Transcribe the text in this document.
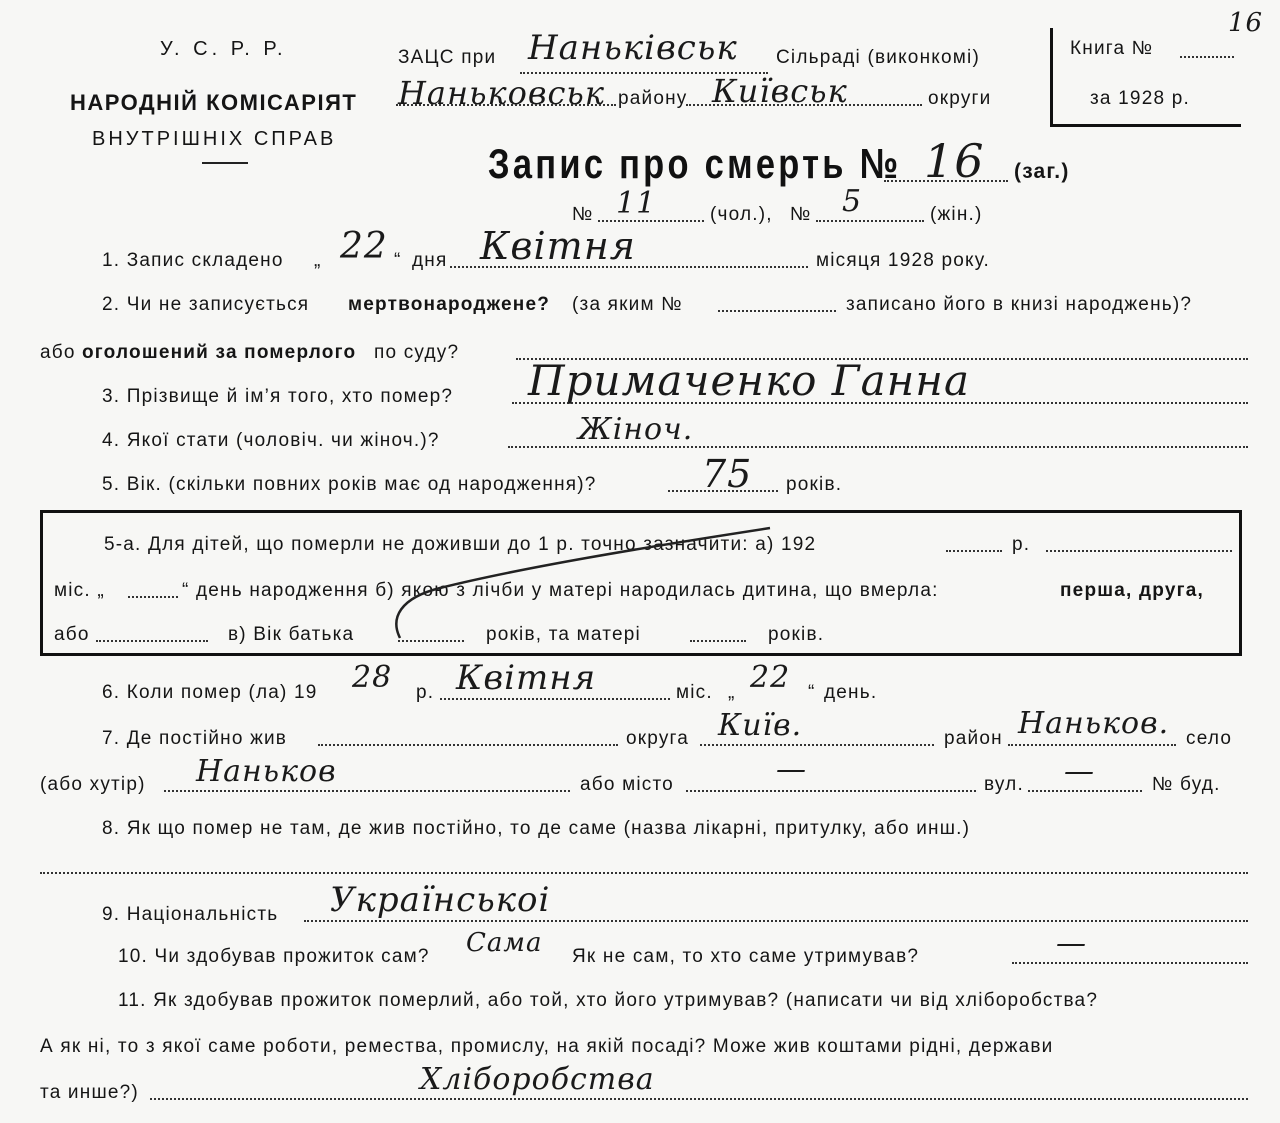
16
У. С. Р. Р.
НАРОДНІЙ КОМІСАРІЯТ
ВНУТРІШНІХ СПРАВ
ЗАЦС при Наньківськ Сільраді (виконкомі)
Наньковськ району Київськ	округи
Книга №
за 1928 р.
Запис про смерть № 16 (заг.)
№ 11	(чол.), № 5	(жін.)
1. Запис складено „ 22 “ дня Квітня	місяця 1928 року.
2. Чи не записується мертвонароджене? (за яким №	записано його в книзі народжень)?
або оголошений за померлого по суду?
3. Прізвище й ім’я того, хто помер? Примаченко Ганна
4. Якої стати (чоловіч. чи жіноч.)?	Жіноч.
5. Вік. (скільки повних років має од народження)?	75 років.
5-а. Для дітей, що померли не доживши до 1 р. точно зазначити: а) 192	р.
міс. „	“ день народження б) якою з лічби у матері народилась дитина, що вмерла:	перша, друга,
або	в) Вік батька	років, та матері	років.
6. Коли помер (ла) 19 28 р. Квітня	міс. „ 22 “ день.
7. Де постійно жив	округа Київ.	район Наньков. село
(або хутір) Наньков	або місто	—	вул. —	№ буд.
8. Як що помер не там, де жив постійно, то де саме (назва лікарні, притулку, або инш.)
9. Національність Українськоі
10. Чи здобував прожиток сам? Сама Як не сам, то хто саме утримував?	—
11. Як здобував прожиток померлий, або той, хто його утримував? (написати чи від хліборобства?
А як ні, то з якої саме роботи, ремества, промислу, на якій посаді? Може жив коштами рідні, держави
та инше?)	Хліборобства
